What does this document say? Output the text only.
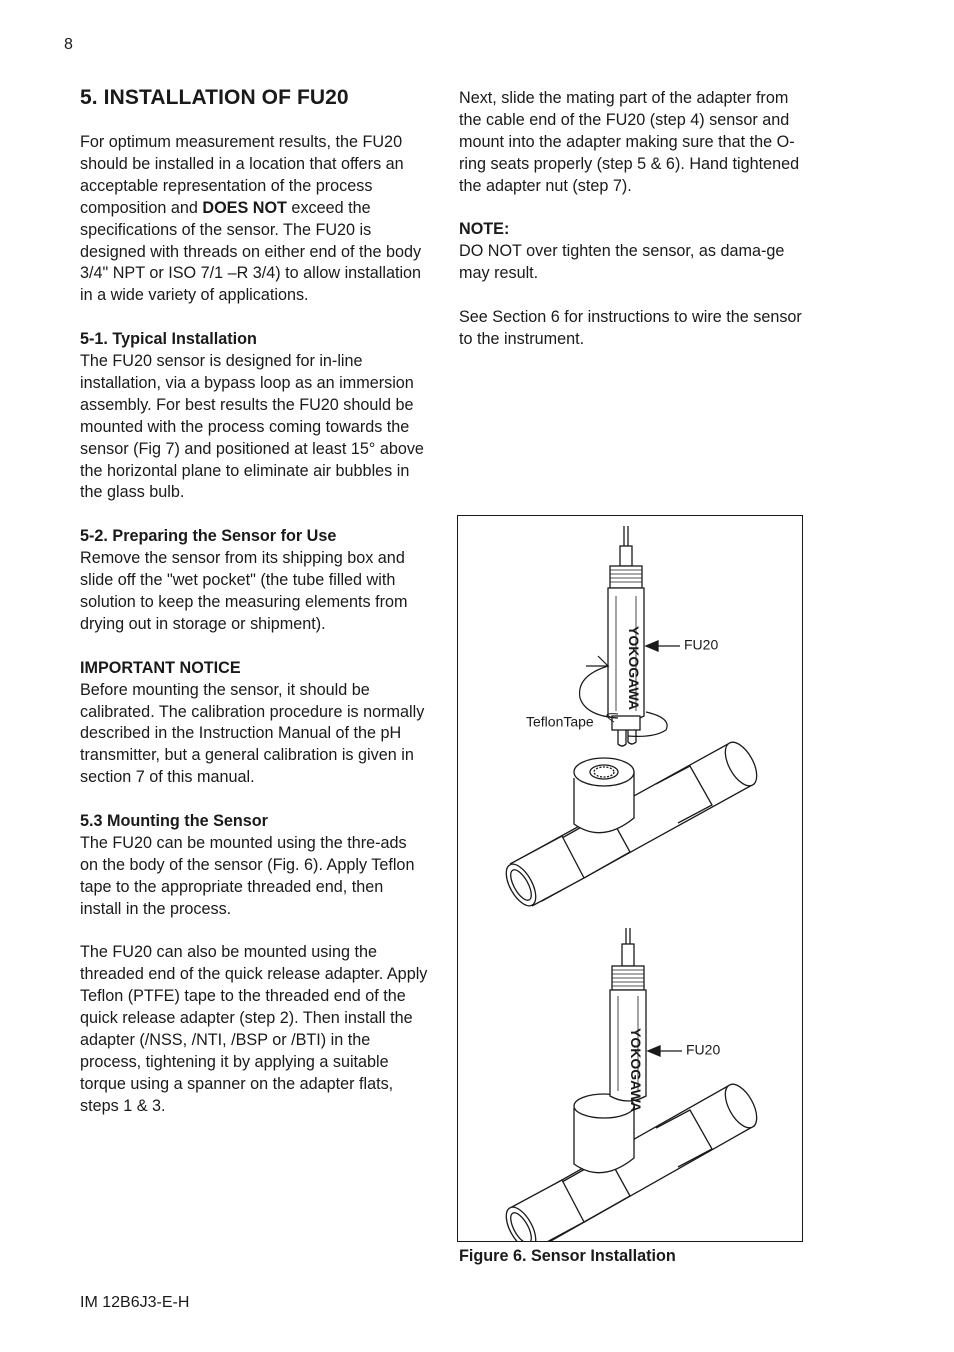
8
5. INSTALLATION OF FU20

For optimum measurement results, the FU20 should be installed in a location that offers an acceptable representation of the process composition and DOES NOT exceed the specifications of the sensor. The FU20 is designed with threads on either end of the body 3/4" NPT or ISO 7/1 –R 3/4) to allow installation in a wide variety of applications.

5-1. Typical Installation

The FU20 sensor is designed for in-line installation, via a bypass loop as an immersion assembly. For best results the FU20 should be mounted with the process coming towards the sensor (Fig 7) and positioned at least 15° above the horizontal plane to eliminate air bubbles in the glass bulb.

5-2. Preparing the Sensor for Use

Remove the sensor from its shipping box and slide off the "wet pocket" (the tube filled with solution to keep the measuring elements from drying out in storage or shipment).

IMPORTANT NOTICE

Before mounting the sensor, it should be calibrated. The calibration procedure is normally described in the Instruction Manual of the pH transmitter, but a general calibration is given in section 7 of this manual.

5.3 Mounting the Sensor

The FU20 can be mounted using the thre-ads on the body of the sensor (Fig. 6). Apply Teflon tape to the appropriate threaded end, then install in the process.

The FU20 can also be mounted using the threaded end of the quick release adapter. Apply Teflon (PTFE) tape to the threaded end of the quick release adapter (step 2). Then install the adapter (/NSS, /NTI, /BSP or /BTI) in the process, tightening it by applying a suitable torque using a spanner on the adapter flats, steps 1 & 3.

Next, slide the mating part of the adapter from the cable end of the FU20 (step 4) sensor and mount into the adapter making sure that the O-ring seats properly (step 5 & 6). Hand tightened the adapter nut (step 7).

NOTE:

DO NOT over tighten the sensor, as dama-ge may result.

See Section 6 for instructions to wire the sensor to the instrument.

YOKOGAWA
YOKOGAWA
FU20
TeflonTape
FU20
Figure 6. Sensor Installation
IM 12B6J3-E-H
